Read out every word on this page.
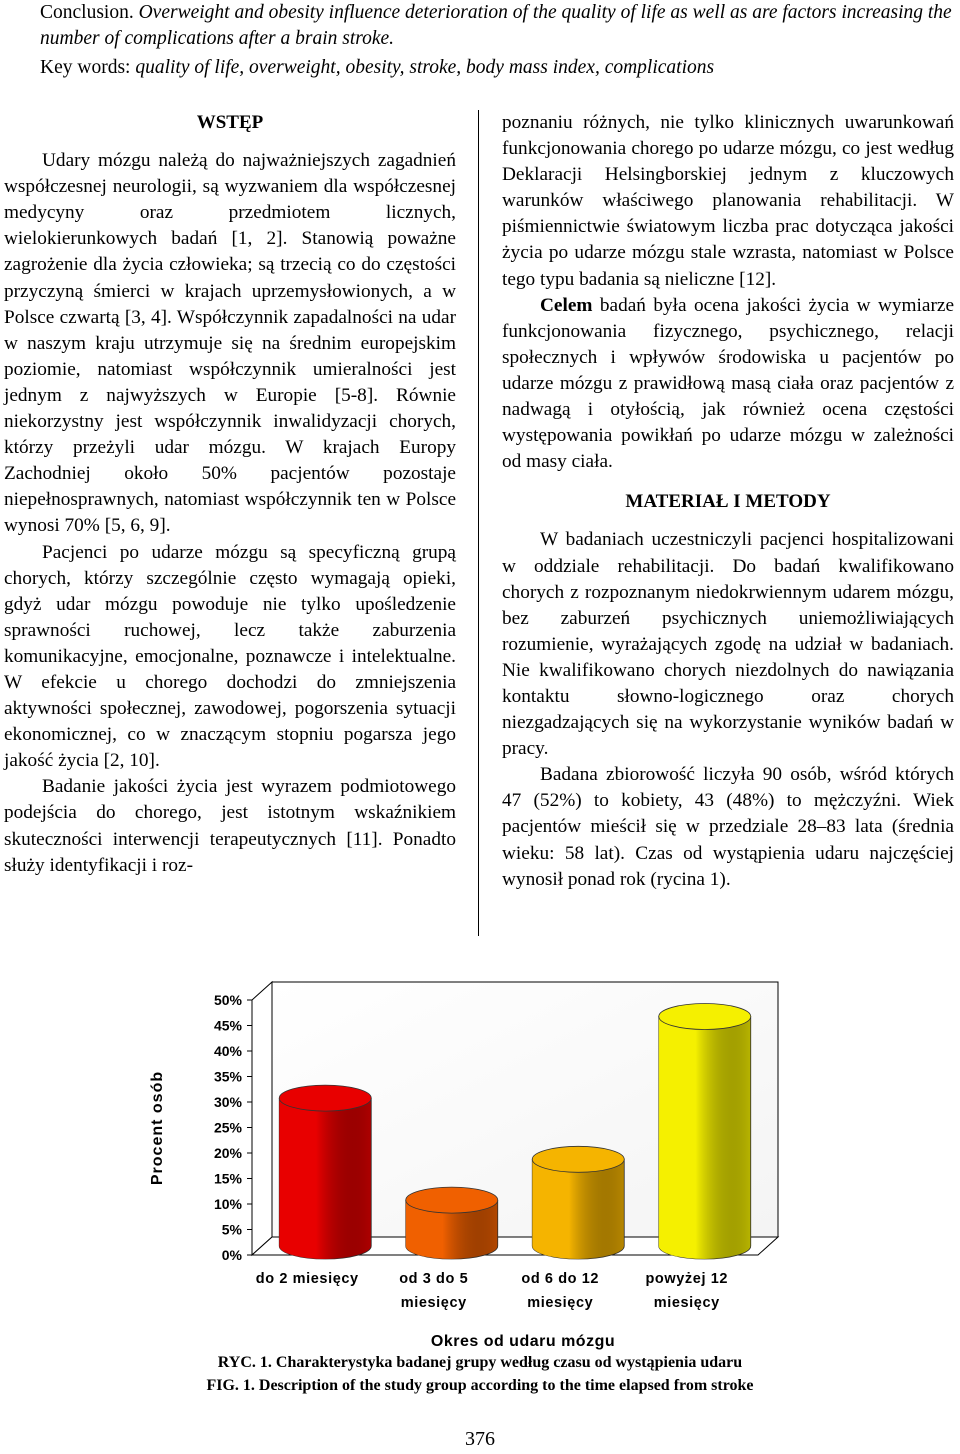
Conclusion. Overweight and obesity influence deterioration of the quality of life as well as are factors increasing the number of complications after a brain stroke.
Key words: quality of life, overweight, obesity, stroke, body mass index, complications

WSTĘP

Udary mózgu należą do najważniejszych zagadnień współczesnej neurologii, są wyzwaniem dla współczesnej medycyny oraz przedmiotem licznych, wielokierunkowych badań [1, 2]. Stanowią poważne zagrożenie dla życia człowieka; są trzecią co do częstości przyczyną śmierci w krajach uprzemysłowionych, a w Polsce czwartą [3, 4]. Współczynnik zapadalności na udar w naszym kraju utrzymuje się na średnim europejskim poziomie, natomiast współczynnik umieralności jest jednym z najwyższych w Europie [5-8]. Równie niekorzystny jest współczynnik inwalidyzacji chorych, którzy przeżyli udar mózgu. W krajach Europy Zachodniej około 50% pacjentów pozostaje niepełnosprawnych, natomiast współczynnik ten w Polsce wynosi 70% [5, 6, 9].

Pacjenci po udarze mózgu są specyficzną grupą chorych, którzy szczególnie często wymagają opieki, gdyż udar mózgu powoduje nie tylko upośledzenie sprawności ruchowej, lecz także zaburzenia komunikacyjne, emocjonalne, poznawcze i intelektualne. W efekcie u chorego dochodzi do zmniejszenia aktywności społecznej, zawodowej, pogorszenia sytuacji ekonomicznej, co w znaczącym stopniu pogarsza jego jakość życia [2, 10].

Badanie jakości życia jest wyrazem podmiotowego podejścia do chorego, jest istotnym wskaźnikiem skuteczności interwencji terapeutycznych [11]. Ponadto służy identyfikacji i roz-

poznaniu różnych, nie tylko klinicznych uwarunkowań funkcjonowania chorego po udarze mózgu, co jest według Deklaracji Helsingborskiej jednym z kluczowych warunków właściwego planowania rehabilitacji. W piśmiennictwie światowym liczba prac dotycząca jakości życia po udarze mózgu stale wzrasta, natomiast w Polsce tego typu badania są nieliczne [12].

Celem badań była ocena jakości życia w wymiarze funkcjonowania fizycznego, psychicznego, relacji społecznych i wpływów środowiska u pacjentów po udarze mózgu z prawidłową masą ciała oraz pacjentów z nadwagą i otyłością, jak również ocena częstości występowania powikłań po udarze mózgu w zależności od masy ciała.

MATERIAŁ I METODY

W badaniach uczestniczyli pacjenci hospitalizowani w oddziale rehabilitacji. Do badań kwalifikowano chorych z rozpoznanym niedokrwiennym udarem mózgu, bez zaburzeń psychicznych uniemożliwiających rozumienie, wyrażających zgodę na udział w badaniach. Nie kwalifikowano chorych niezdolnych do nawiązania kontaktu słowno-logicznego oraz chorych niezgadzających się na wykorzystanie wyników badań w pracy.

Badana zbiorowość liczyła 90 osób, wśród których 47 (52%) to kobiety, 43 (48%) to mężczyźni. Wiek pacjentów mieścił się w przedziale 28–83 lata (średnia wieku: 58 lat). Czas od wystąpienia udaru najczęściej wynosił ponad rok (rycina 1).

0%
5%
10%
15%
20%
25%
30%
35%
40%
45%
50%
do 2 miesięcy	od 3 do 5
miesięcy
od 6 do 12
miesięcy
powyżej 12
miesięcy
Procent osób
Okres od udaru mózgu
RYC. 1. Charakterystyka badanej grupy według czasu od wystąpienia udaru
FIG. 1. Description of the study group according to the time elapsed from stroke
376
